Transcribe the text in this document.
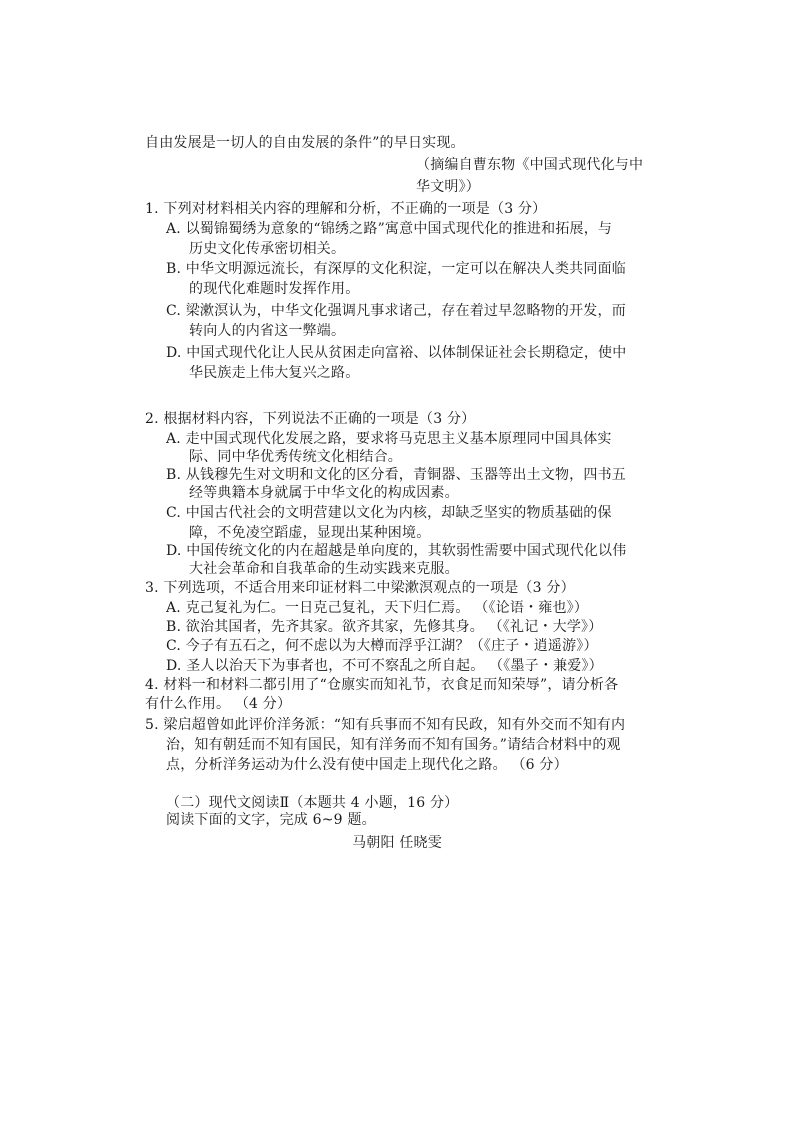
自由发展是一切人的自由发展的条件”的早日实现。
（摘编自曹东物《中国式现代化与中
华文明》）
1. 下列对材料相关内容的理解和分析，不正确的一项是（3 分）
A. 以蜀锦蜀绣为意象的“锦绣之路”寓意中国式现代化的推进和拓展，与
历史文化传承密切相关。
B. 中华文明源远流长，有深厚的文化积淀，一定可以在解决人类共同面临
的现代化难题时发挥作用。
C. 梁漱溟认为，中华文化强调凡事求诸己，存在着过早忽略物的开发，而
转向人的内省这一弊端。
D. 中国式现代化让人民从贫困走向富裕、以体制保证社会长期稳定，使中
华民族走上伟大复兴之路。
2. 根据材料内容，下列说法不正确的一项是（3 分）
A. 走中国式现代化发展之路，要求将马克思主义基本原理同中国具体实
际、同中华优秀传统文化相结合。
B. 从钱穆先生对文明和文化的区分看，青铜器、玉器等出土文物，四书五
经等典籍本身就属于中华文化的构成因素。
C. 中国古代社会的文明营建以文化为内核，却缺乏坚实的物质基础的保
障，不免凌空蹈虚，显现出某种困境。
D. 中国传统文化的内在超越是单向度的，其软弱性需要中国式现代化以伟
大社会革命和自我革命的生动实践来克服。
3. 下列选项，不适合用来印证材料二中梁漱溟观点的一项是（3 分）
A. 克己复礼为仁。一日克己复礼，天下归仁焉。 （《论语・雍也》）
B. 欲治其国者，先齐其家。欲齐其家，先修其身。 （《礼记・大学》）
C. 今子有五石之，何不虑以为大樽而浮乎江湖？（《庄子・逍遥游》）
D. 圣人以治天下为事者也，不可不察乱之所自起。 （《墨子・兼爱》）
4. 材料一和材料二都引用了“仓廪实而知礼节，衣食足而知荣辱”，请分析各
有什么作用。 （4 分）
5. 梁启超曾如此评价洋务派：“知有兵事而不知有民政，知有外交而不知有内
治，知有朝廷而不知有国民，知有洋务而不知有国务。”请结合材料中的观
点，分析洋务运动为什么没有使中国走上现代化之路。 （6 分）
（二）现代文阅读Ⅱ（本题共 4 小题，16 分）
阅读下面的文字，完成 6~9 题。
马朝阳 任晓雯
